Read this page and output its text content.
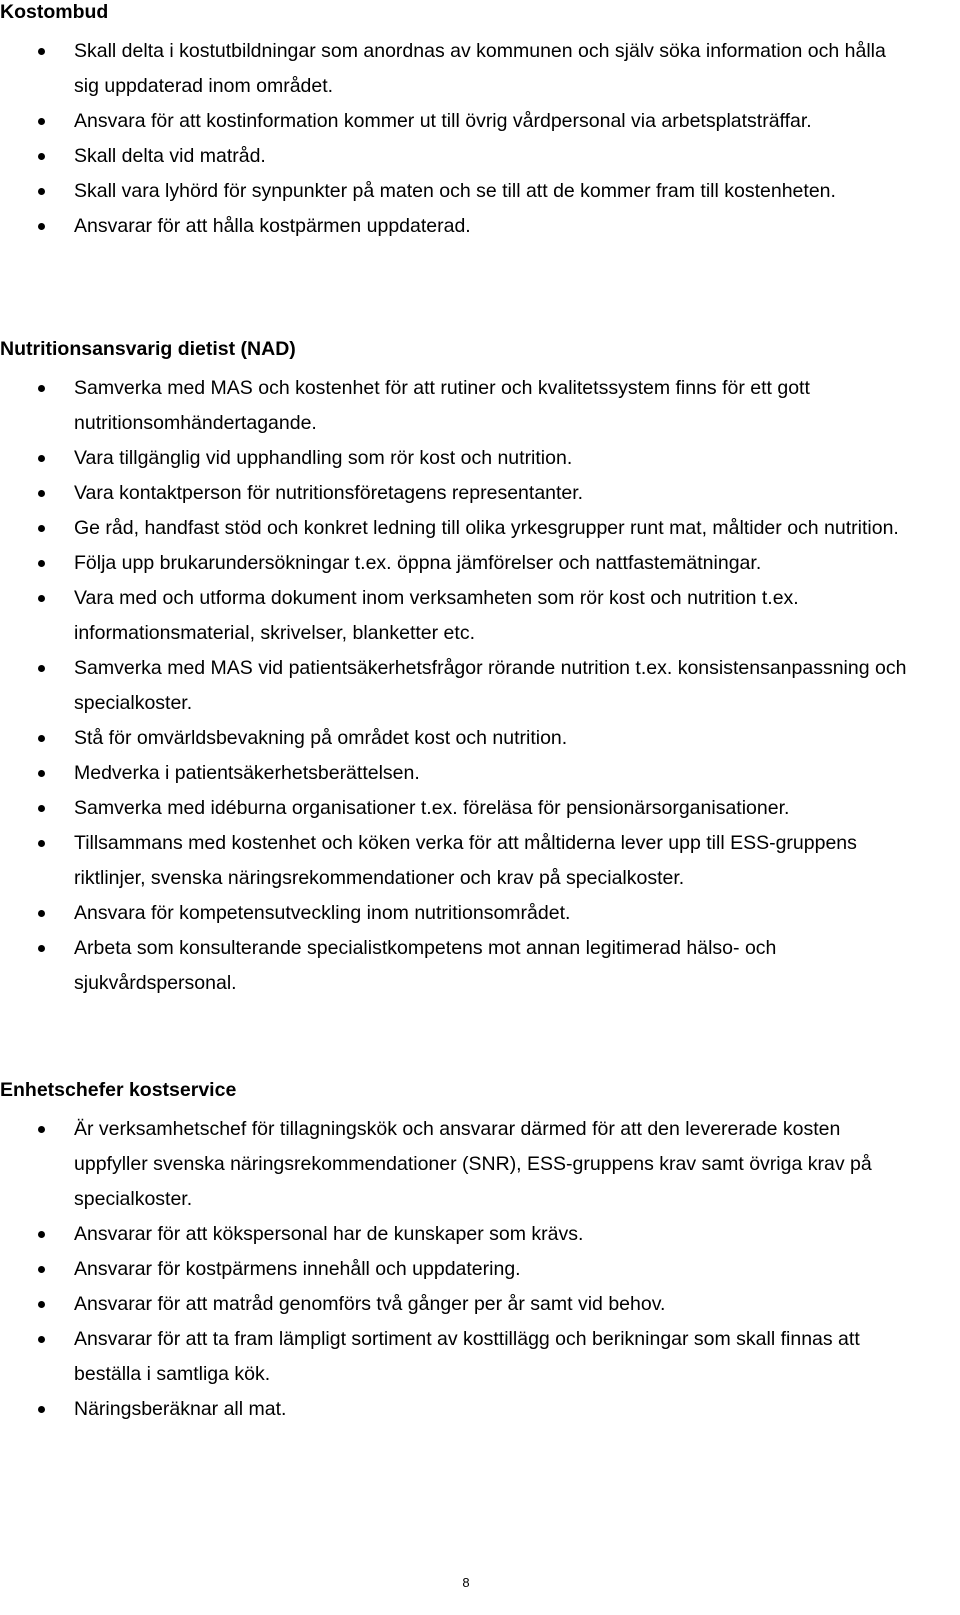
Kostombud
Skall delta i kostutbildningar som anordnas av kommunen och själv söka information och hålla sig uppdaterad inom området.
Ansvara för att kostinformation kommer ut till övrig vårdpersonal via arbetsplatsträffar.
Skall delta vid matråd.
Skall vara lyhörd för synpunkter på maten och se till att de kommer fram till kostenheten.
Ansvarar för att hålla kostpärmen uppdaterad.
Nutritionsansvarig dietist (NAD)
Samverka med MAS och kostenhet för att rutiner och kvalitetssystem finns för ett gott nutritionsomhändertagande.
Vara tillgänglig vid upphandling som rör kost och nutrition.
Vara kontaktperson för nutritionsföretagens representanter.
Ge råd, handfast stöd och konkret ledning till olika yrkesgrupper runt mat, måltider och nutrition.
Följa upp brukarundersökningar t.ex. öppna jämförelser och nattfastemätningar.
Vara med och utforma dokument inom verksamheten som rör kost och nutrition t.ex. informationsmaterial, skrivelser, blanketter etc.
Samverka med MAS vid patientsäkerhetsfrågor rörande nutrition t.ex. konsistensanpassning och specialkoster.
Stå för omvärldsbevakning på området kost och nutrition.
Medverka i patientsäkerhetsberättelsen.
Samverka med idéburna organisationer t.ex. föreläsa för pensionärsorganisationer.
Tillsammans med kostenhet och köken verka för att måltiderna lever upp till ESS-gruppens riktlinjer, svenska näringsrekommendationer och krav på specialkoster.
Ansvara för kompetensutveckling inom nutritionsområdet.
Arbeta som konsulterande specialistkompetens mot annan legitimerad hälso- och sjukvårdspersonal.
Enhetschefer kostservice
Är verksamhetschef för tillagningskök och ansvarar därmed för att den levererade kosten uppfyller svenska näringsrekommendationer (SNR), ESS-gruppens krav samt övriga krav på specialkoster.
Ansvarar för att kökspersonal har de kunskaper som krävs.
Ansvarar för kostpärmens innehåll och uppdatering.
Ansvarar för att matråd genomförs två gånger per år samt vid behov.
Ansvarar för att ta fram lämpligt sortiment av kosttillägg och berikningar som skall finnas att beställa i samtliga kök.
Näringsberäknar all mat.
8
